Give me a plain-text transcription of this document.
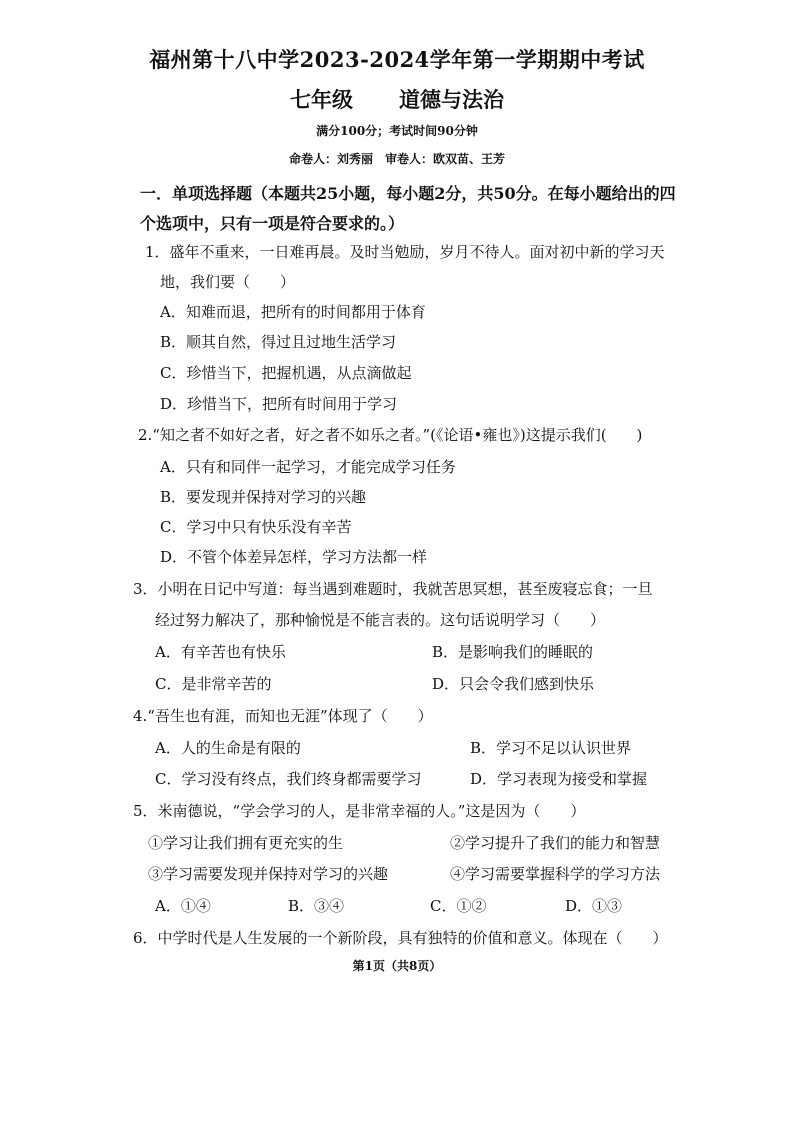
福州第十八中学2023-2024学年第一学期期中考试
七年级 道德与法治
满分100分；考试时间90分钟
命卷人：刘秀丽　审卷人：欧双苗、王芳
一．单项选择题（本题共25小题，每小题2分，共50分。在每小题给出的四
个选项中，只有一项是符合要求的。）
1．盛年不重来，一日难再晨。及时当勉励，岁月不待人。面对初中新的学习天
地，我们要（　　）
A．知难而退，把所有的时间都用于体育
B．顺其自然，得过且过地生活学习
C．珍惜当下，把握机遇，从点滴做起
D．珍惜当下，把所有时间用于学习
2.“知之者不如好之者，好之者不如乐之者。”(《论语•雍也》)这提示我们(　　)
A．只有和同伴一起学习，才能完成学习任务
B．要发现并保持对学习的兴趣
C．学习中只有快乐没有辛苦
D．不管个体差异怎样，学习方法都一样
3．小明在日记中写道：每当遇到难题时，我就苦思冥想，甚至废寝忘食；一旦
经过努力解决了，那种愉悦是不能言表的。这句话说明学习（　　）
A．有辛苦也有快乐	B．是影响我们的睡眠的
C．是非常辛苦的	D．只会令我们感到快乐
4.“吾生也有涯，而知也无涯”体现了（　　）
A．人的生命是有限的	B．学习不足以认识世界
C．学习没有终点，我们终身都需要学习	D．学习表现为接受和掌握
5．米南德说，“学会学习的人，是非常幸福的人。”这是因为（　　）
①学习让我们拥有更充实的生	②学习提升了我们的能力和智慧
③学习需要发现并保持对学习的兴趣	④学习需要掌握科学的学习方法
A．①④	B．③④	C．①②	D．①③
6．中学时代是人生发展的一个新阶段，具有独特的价值和意义。体现在（　　）
第1页（共8页）
